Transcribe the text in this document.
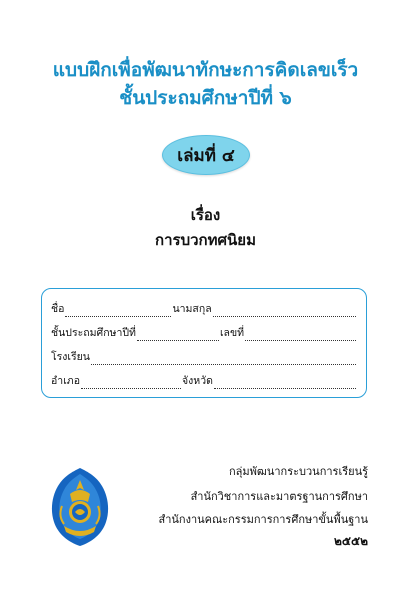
แบบฝึกเพื่อพัฒนาทักษะการคิดเลขเร็ว
ชั้นประถมศึกษาปีที่ ๖
เล่มที่ ๔
เรื่อง
การบวกทศนิยม
ชื่อ	นามสกุล
ชั้นประถมศึกษาปีที่	เลขที่
โรงเรียน
อำเภอ	จังหวัด
กลุ่มพัฒนากระบวนการเรียนรู้
สำนักวิชาการและมาตรฐานการศึกษา
สำนักงานคณะกรรมการการศึกษาขั้นพื้นฐาน
๒๕๕๒
